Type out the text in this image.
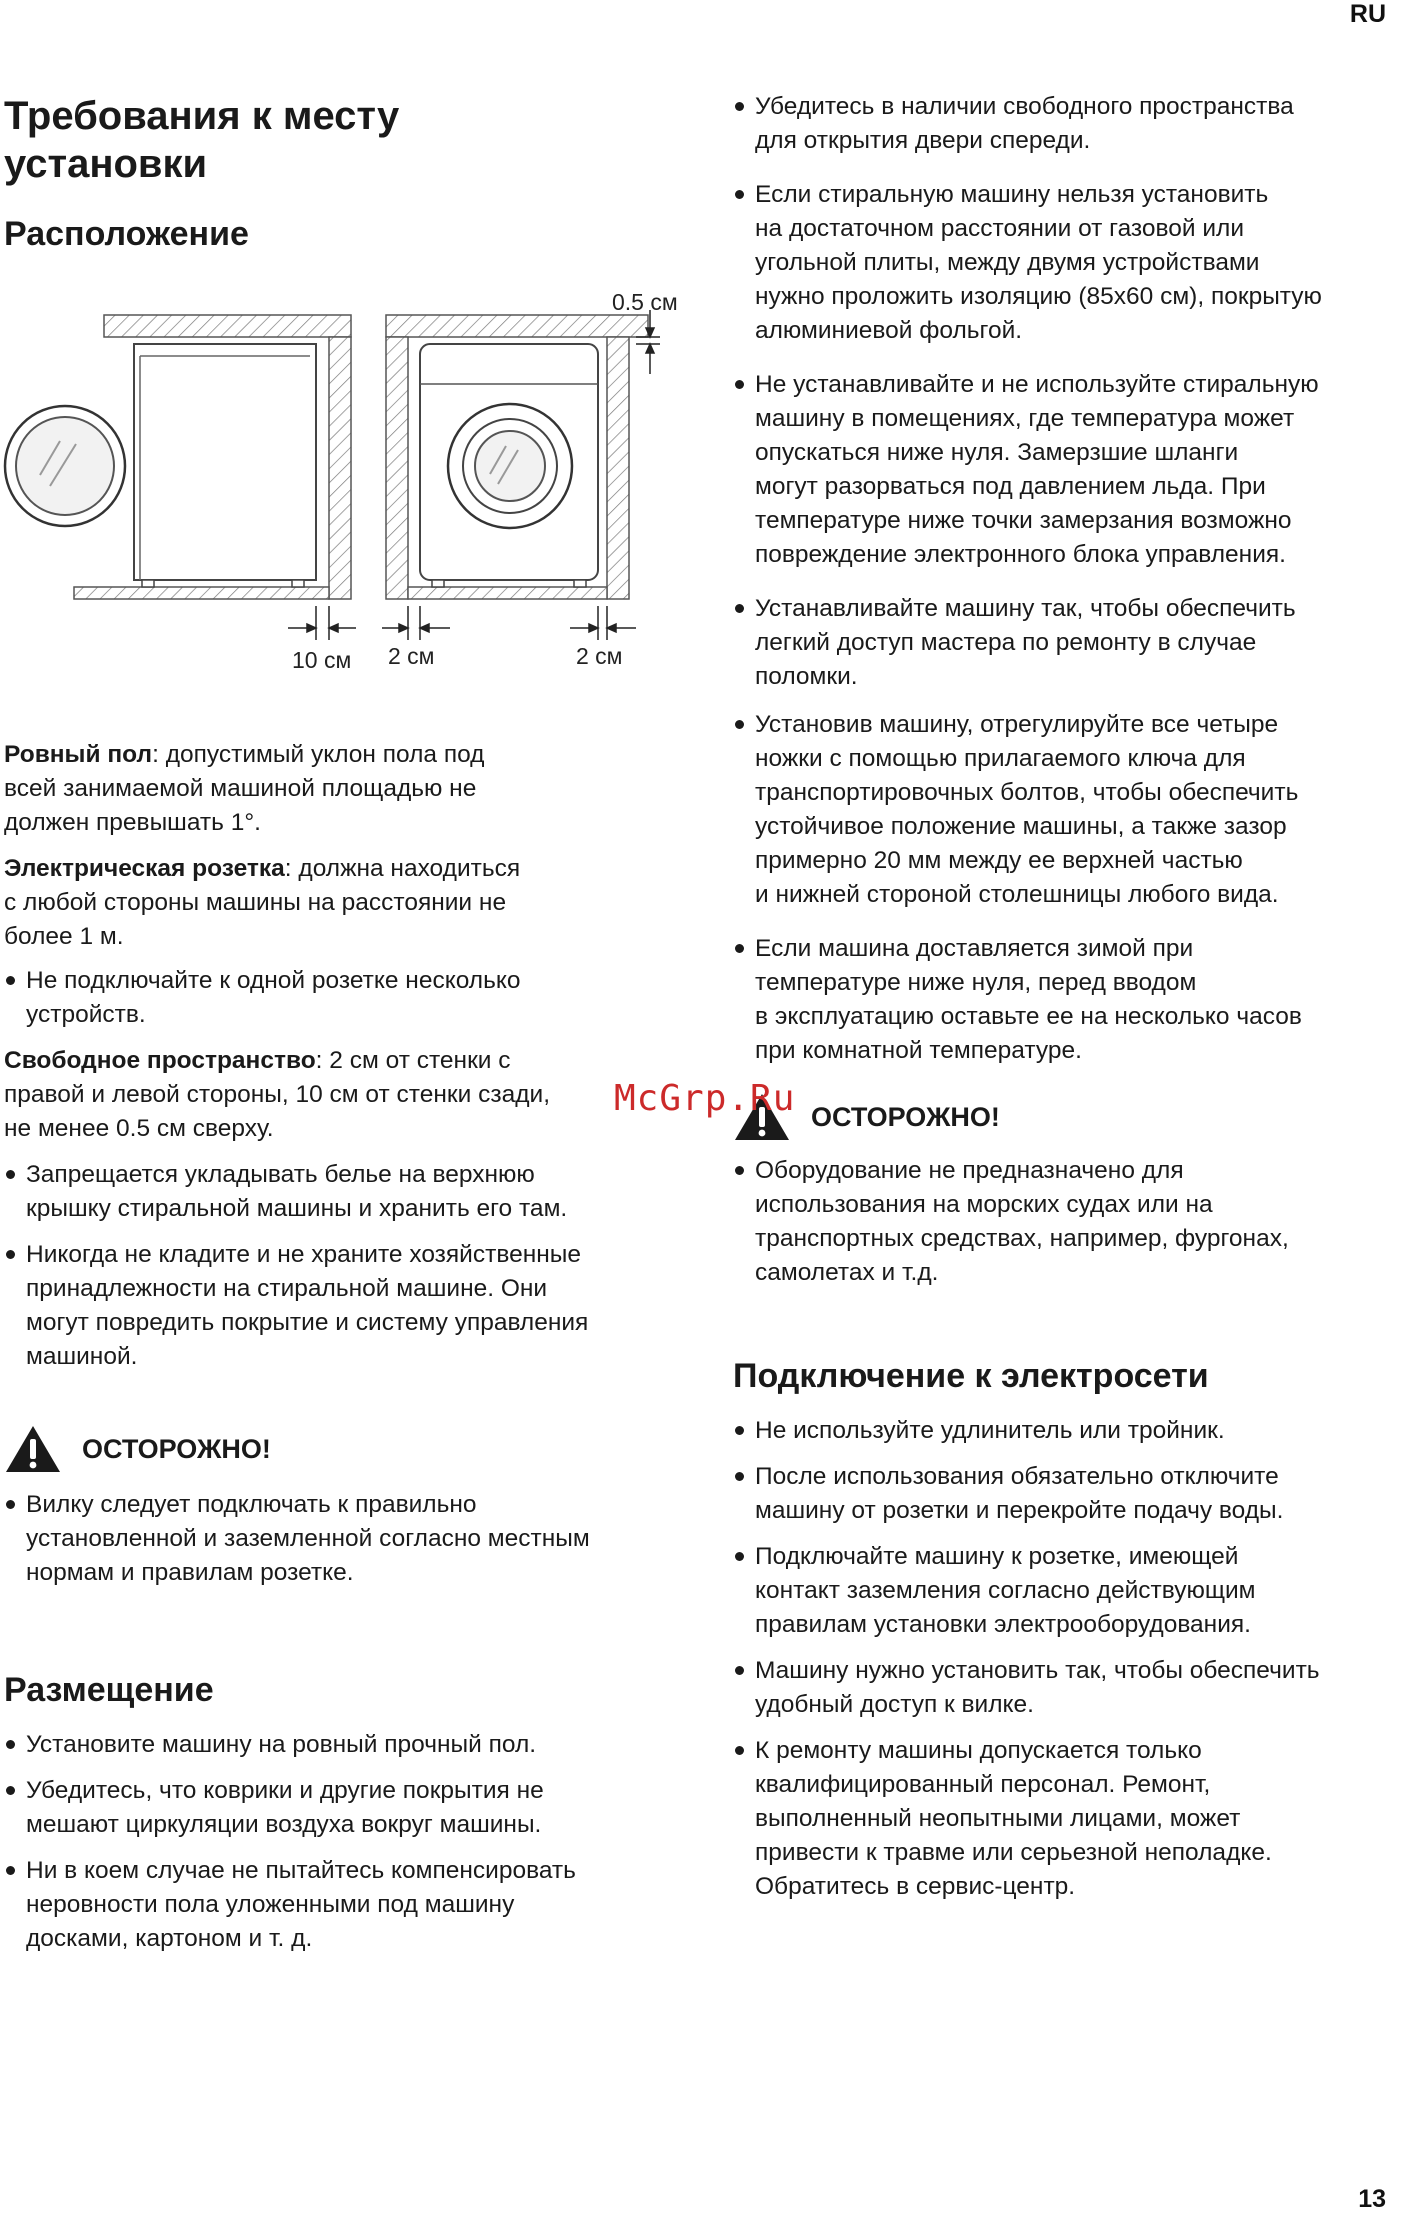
RU
13
Требования к месту
установки
Расположение
0.5 см
10 см 2 см	2 см
Ровный пол: допустимый уклон пола под
всей занимаемой машиной площадью не
должен превышать 1°.
Электрическая розетка: должна находиться
с любой стороны машины на расстоянии не
более 1 м.
Не подключайте к одной розетке несколько
устройств.
Свободное пространство: 2 см от стенки с
правой и левой стороны, 10 см от стенки сзади,
не менее 0.5 см сверху.
Запрещается укладывать белье на верхнюю
крышку стиральной машины и хранить его там.
Никогда не кладите и не храните хозяйственные
принадлежности на стиральной машине. Они
могут повредить покрытие и систему управления
машиной.
ОСТОРОЖНО!
Вилку следует подключать к правильно
установленной и заземленной согласно местным
нормам и правилам розетке.
Размещение
Установите машину на ровный прочный пол.
Убедитесь, что коврики и другие покрытия не
мешают циркуляции воздуха вокруг машины.
Ни в коем случае не пытайтесь компенсировать
неровности пола уложенными под машину
досками, картоном и т. д.
Убедитесь в наличии свободного пространства
для открытия двери спереди.
Если стиральную машину нельзя установить
на достаточном расстоянии от газовой или
угольной плиты, между двумя устройствами
нужно проложить изоляцию (85x60 см), покрытую
алюминиевой фольгой.
Не устанавливайте и не используйте стиральную
машину в помещениях, где температура может
опускаться ниже нуля. Замерзшие шланги
могут разорваться под давлением льда. При
температуре ниже точки замерзания возможно
повреждение электронного блока управления.
Устанавливайте машину так, чтобы обеспечить
легкий доступ мастера по ремонту в случае
поломки.
Установив машину, отрегулируйте все четыре
ножки с помощью прилагаемого ключа для
транспортировочных болтов, чтобы обеспечить
устойчивое положение машины, а также зазор
примерно 20 мм между ее верхней частью
и нижней стороной столешницы любого вида.
Если машина доставляется зимой при
температуре ниже нуля, перед вводом
в эксплуатацию оставьте ее на несколько часов
при комнатной температуре.
ОСТОРОЖНО!
Оборудование не предназначено для
использования на морских судах или на
транспортных средствах, например, фургонах,
самолетах и т.д.
Подключение к электросети
Не используйте удлинитель или тройник.
После использования обязательно отключите
машину от розетки и перекройте подачу воды.
Подключайте машину к розетке, имеющей
контакт заземления согласно действующим
правилам установки электрооборудования.
Машину нужно установить так, чтобы обеспечить
удобный доступ к вилке.
К ремонту машины допускается только
квалифицированный персонал. Ремонт,
выполненный неопытными лицами, может
привести к травме или серьезной неполадке.
Обратитесь в сервис-центр.
McGrp.Ru
